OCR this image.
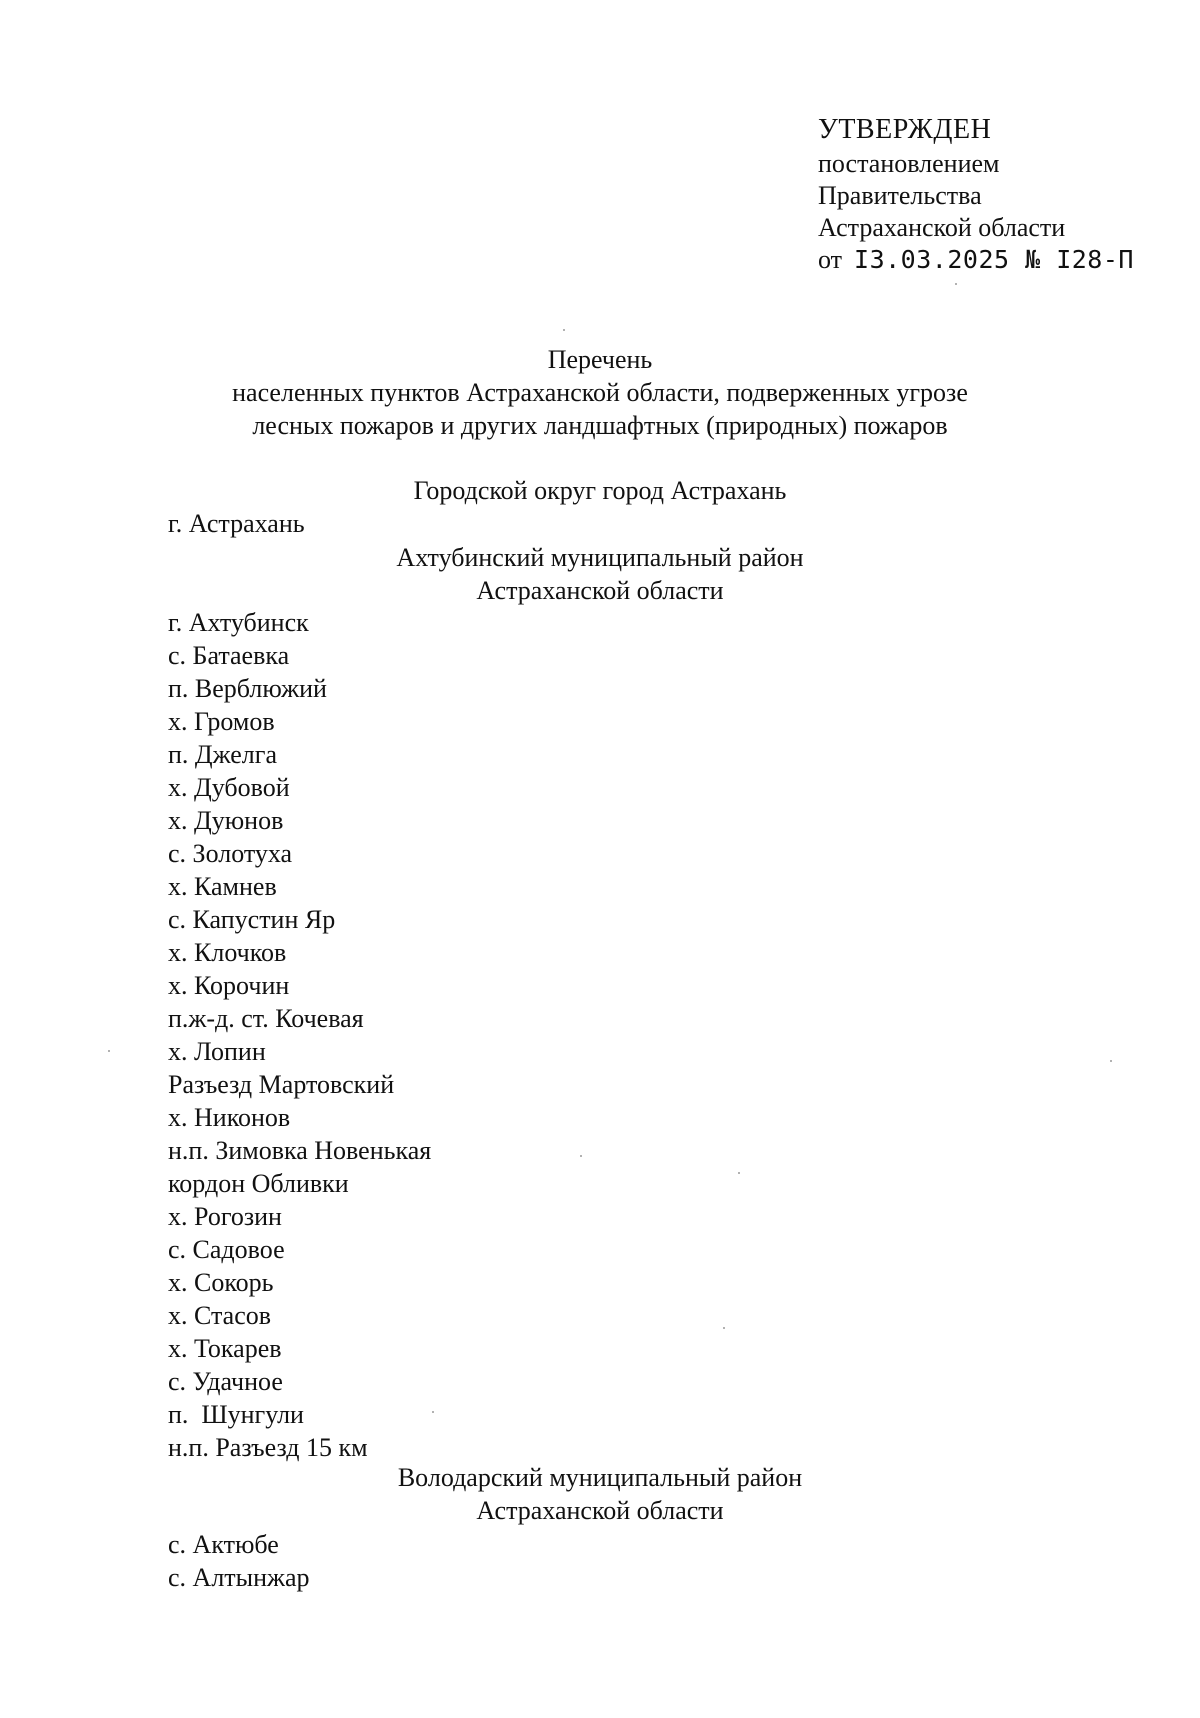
УТВЕРЖДЕН
постановлением
Правительства
Астраханской области
от I3.03.2025 № I28-П
Перечень
населенных пунктов Астраханской области, подверженных угрозе
лесных пожаров и других ландшафтных (природных) пожаров
Городской округ город Астрахань
г. Астрахань
Ахтубинский муниципальный район
Астраханской области
г. Ахтубинск
с. Батаевка
п. Верблюжий
х. Громов
п. Джелга
х. Дубовой
х. Дуюнов
с. Золотуха
х. Камнев
с. Капустин Яр
х. Клочков
х. Корочин
п.ж-д. ст. Кочевая
х. Лопин
Разъезд Мартовский
х. Никонов
н.п. Зимовка Новенькая
кордон Обливки
х. Рогозин
с. Садовое
х. Сокорь
х. Стасов
х. Токарев
с. Удачное
п.  Шунгули
н.п. Разъезд 15 км
Володарский муниципальный район
Астраханской области
с. Актюбе
с. Алтынжар
